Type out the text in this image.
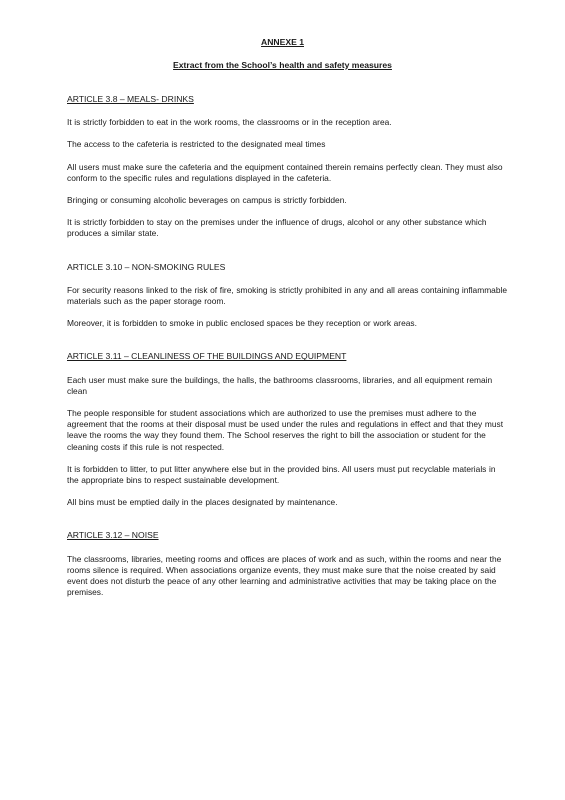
ANNEXE 1
Extract from the School’s health and safety measures
ARTICLE 3.8 – MEALS- DRINKS

It is strictly forbidden to eat in the work rooms, the classrooms or in the reception area.

The access to the cafeteria is restricted to the designated meal times

All users must make sure the cafeteria and the equipment contained therein remains perfectly clean. They must also conform to the specific rules and regulations displayed in the cafeteria.

Bringing or consuming alcoholic beverages on campus is strictly forbidden.

It is strictly forbidden to stay on the premises under the influence of drugs, alcohol or any other substance which produces a similar state.

ARTICLE 3.10 – NON-SMOKING RULES

For security reasons linked to the risk of fire, smoking is strictly prohibited in any and all areas containing inflammable materials such as the paper storage room.

Moreover, it is forbidden to smoke in public enclosed spaces be they reception or work areas.

ARTICLE 3.11 – CLEANLINESS OF THE BUILDINGS AND EQUIPMENT

Each user must make sure the buildings, the halls, the bathrooms classrooms, libraries, and all equipment remain clean

The people responsible for student associations which are authorized to use the premises must adhere to the agreement that the rooms at their disposal must be used under the rules and regulations in effect and that they must leave the rooms the way they found them. The School reserves the right to bill the association or student for the cleaning costs if this rule is not respected.

It is forbidden to litter, to put litter anywhere else but in the provided bins. All users must put recyclable materials in the appropriate bins to respect sustainable development.

All bins must be emptied daily in the places designated by maintenance.

ARTICLE 3.12 – NOISE

The classrooms, libraries, meeting rooms and offices are places of work and as such, within the rooms and near the rooms silence is required. When associations organize events, they must make sure that the noise created by said event does not disturb the peace of any other learning and administrative activities that may be taking place on the premises.
